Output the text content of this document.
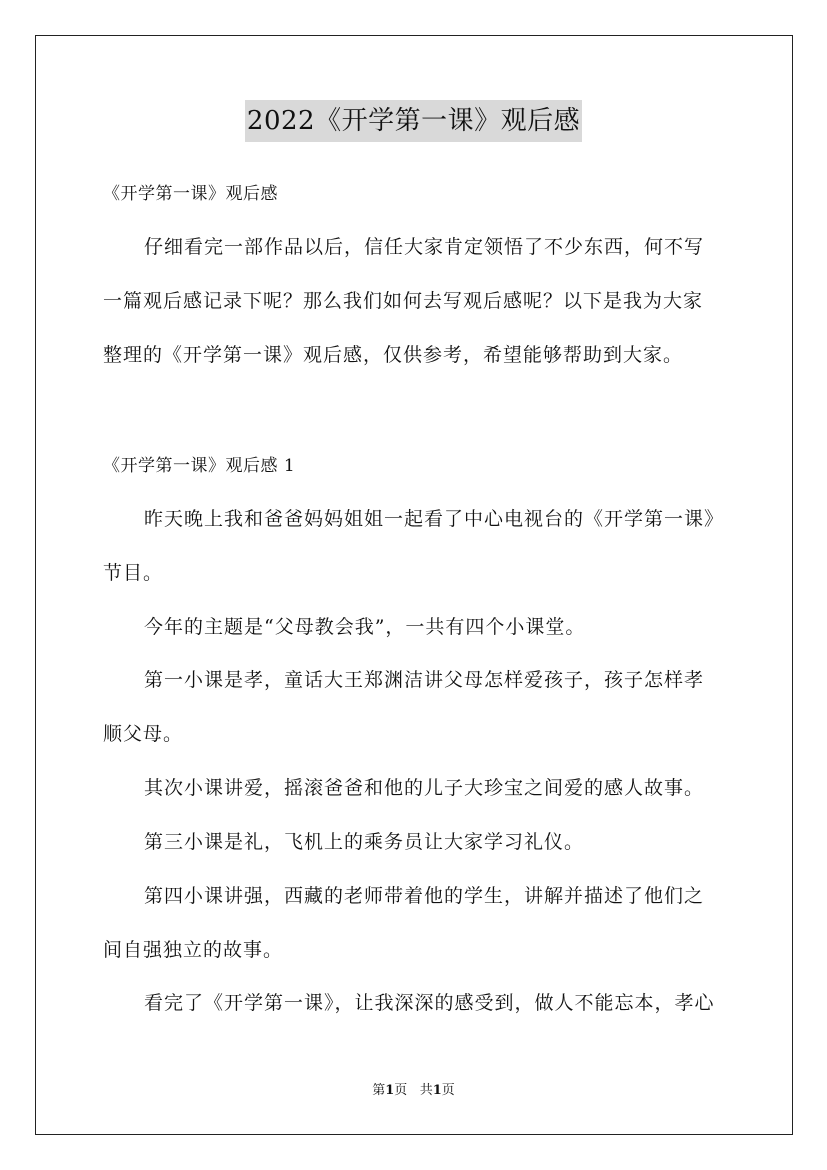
2022《开学第一课》观后感
《开学第一课》观后感
仔细看完一部作品以后，信任大家肯定领悟了不少东西，何不写
一篇观后感记录下呢？那么我们如何去写观后感呢？以下是我为大家
整理的《开学第一课》观后感，仅供参考，希望能够帮助到大家。
《开学第一课》观后感 1
昨天晚上我和爸爸妈妈姐姐一起看了中心电视台的《开学第一课》
节目。
今年的主题是“父母教会我”，一共有四个小课堂。
第一小课是孝，童话大王郑渊洁讲父母怎样爱孩子，孩子怎样孝
顺父母。
其次小课讲爱，摇滚爸爸和他的儿子大珍宝之间爱的感人故事。
第三小课是礼，飞机上的乘务员让大家学习礼仪。
第四小课讲强，西藏的老师带着他的学生，讲解并描述了他们之
间自强独立的故事。
看完了《开学第一课》，让我深深的感受到，做人不能忘本，孝心
第1页 共1页
